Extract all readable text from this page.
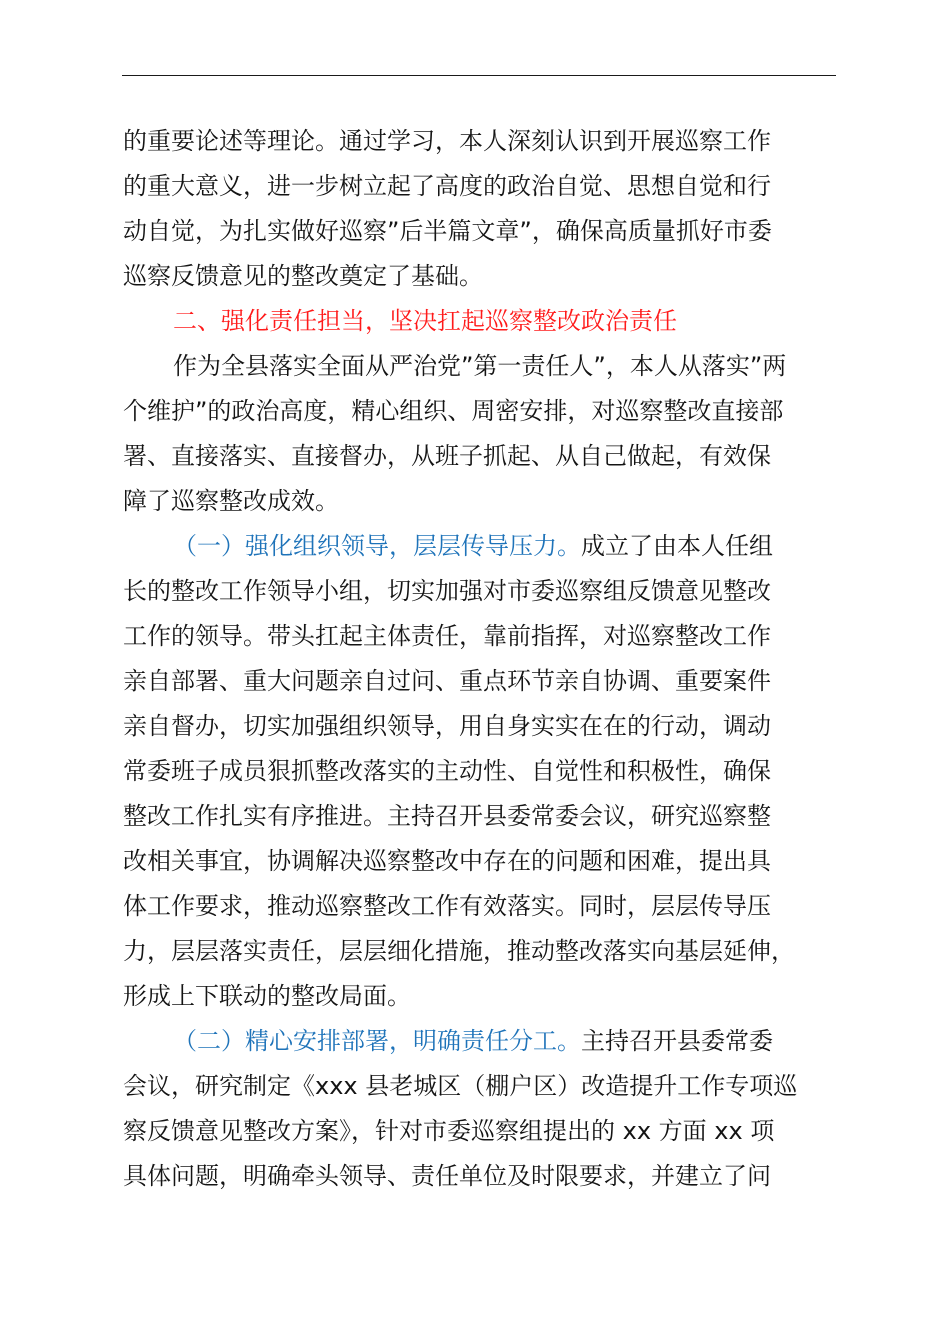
的重要论述等理论。通过学习，本人深刻认识到开展巡察工作
的重大意义，进一步树立起了高度的政治自觉、思想自觉和行
动自觉，为扎实做好巡察”后半篇文章”，确保高质量抓好市委
巡察反馈意见的整改奠定了基础。
二、强化责任担当，坚决扛起巡察整改政治责任
作为全县落实全面从严治党”第一责任人”，本人从落实”两
个维护”的政治高度，精心组织、周密安排，对巡察整改直接部
署、直接落实、直接督办，从班子抓起、从自己做起，有效保
障了巡察整改成效。
（一）强化组织领导，层层传导压力。成立了由本人任组
长的整改工作领导小组，切实加强对市委巡察组反馈意见整改
工作的领导。带头扛起主体责任，靠前指挥，对巡察整改工作
亲自部署、重大问题亲自过问、重点环节亲自协调、重要案件
亲自督办，切实加强组织领导，用自身实实在在的行动，调动
常委班子成员狠抓整改落实的主动性、自觉性和积极性，确保
整改工作扎实有序推进。主持召开县委常委会议，研究巡察整
改相关事宜，协调解决巡察整改中存在的问题和困难，提出具
体工作要求，推动巡察整改工作有效落实。同时，层层传导压
力，层层落实责任，层层细化措施，推动整改落实向基层延伸，
形成上下联动的整改局面。
（二）精心安排部署，明确责任分工。主持召开县委常委
会议，研究制定《xxx 县老城区（棚户区）改造提升工作专项巡
察反馈意见整改方案》，针对市委巡察组提出的 xx 方面 xx 项
具体问题，明确牵头领导、责任单位及时限要求，并建立了问
